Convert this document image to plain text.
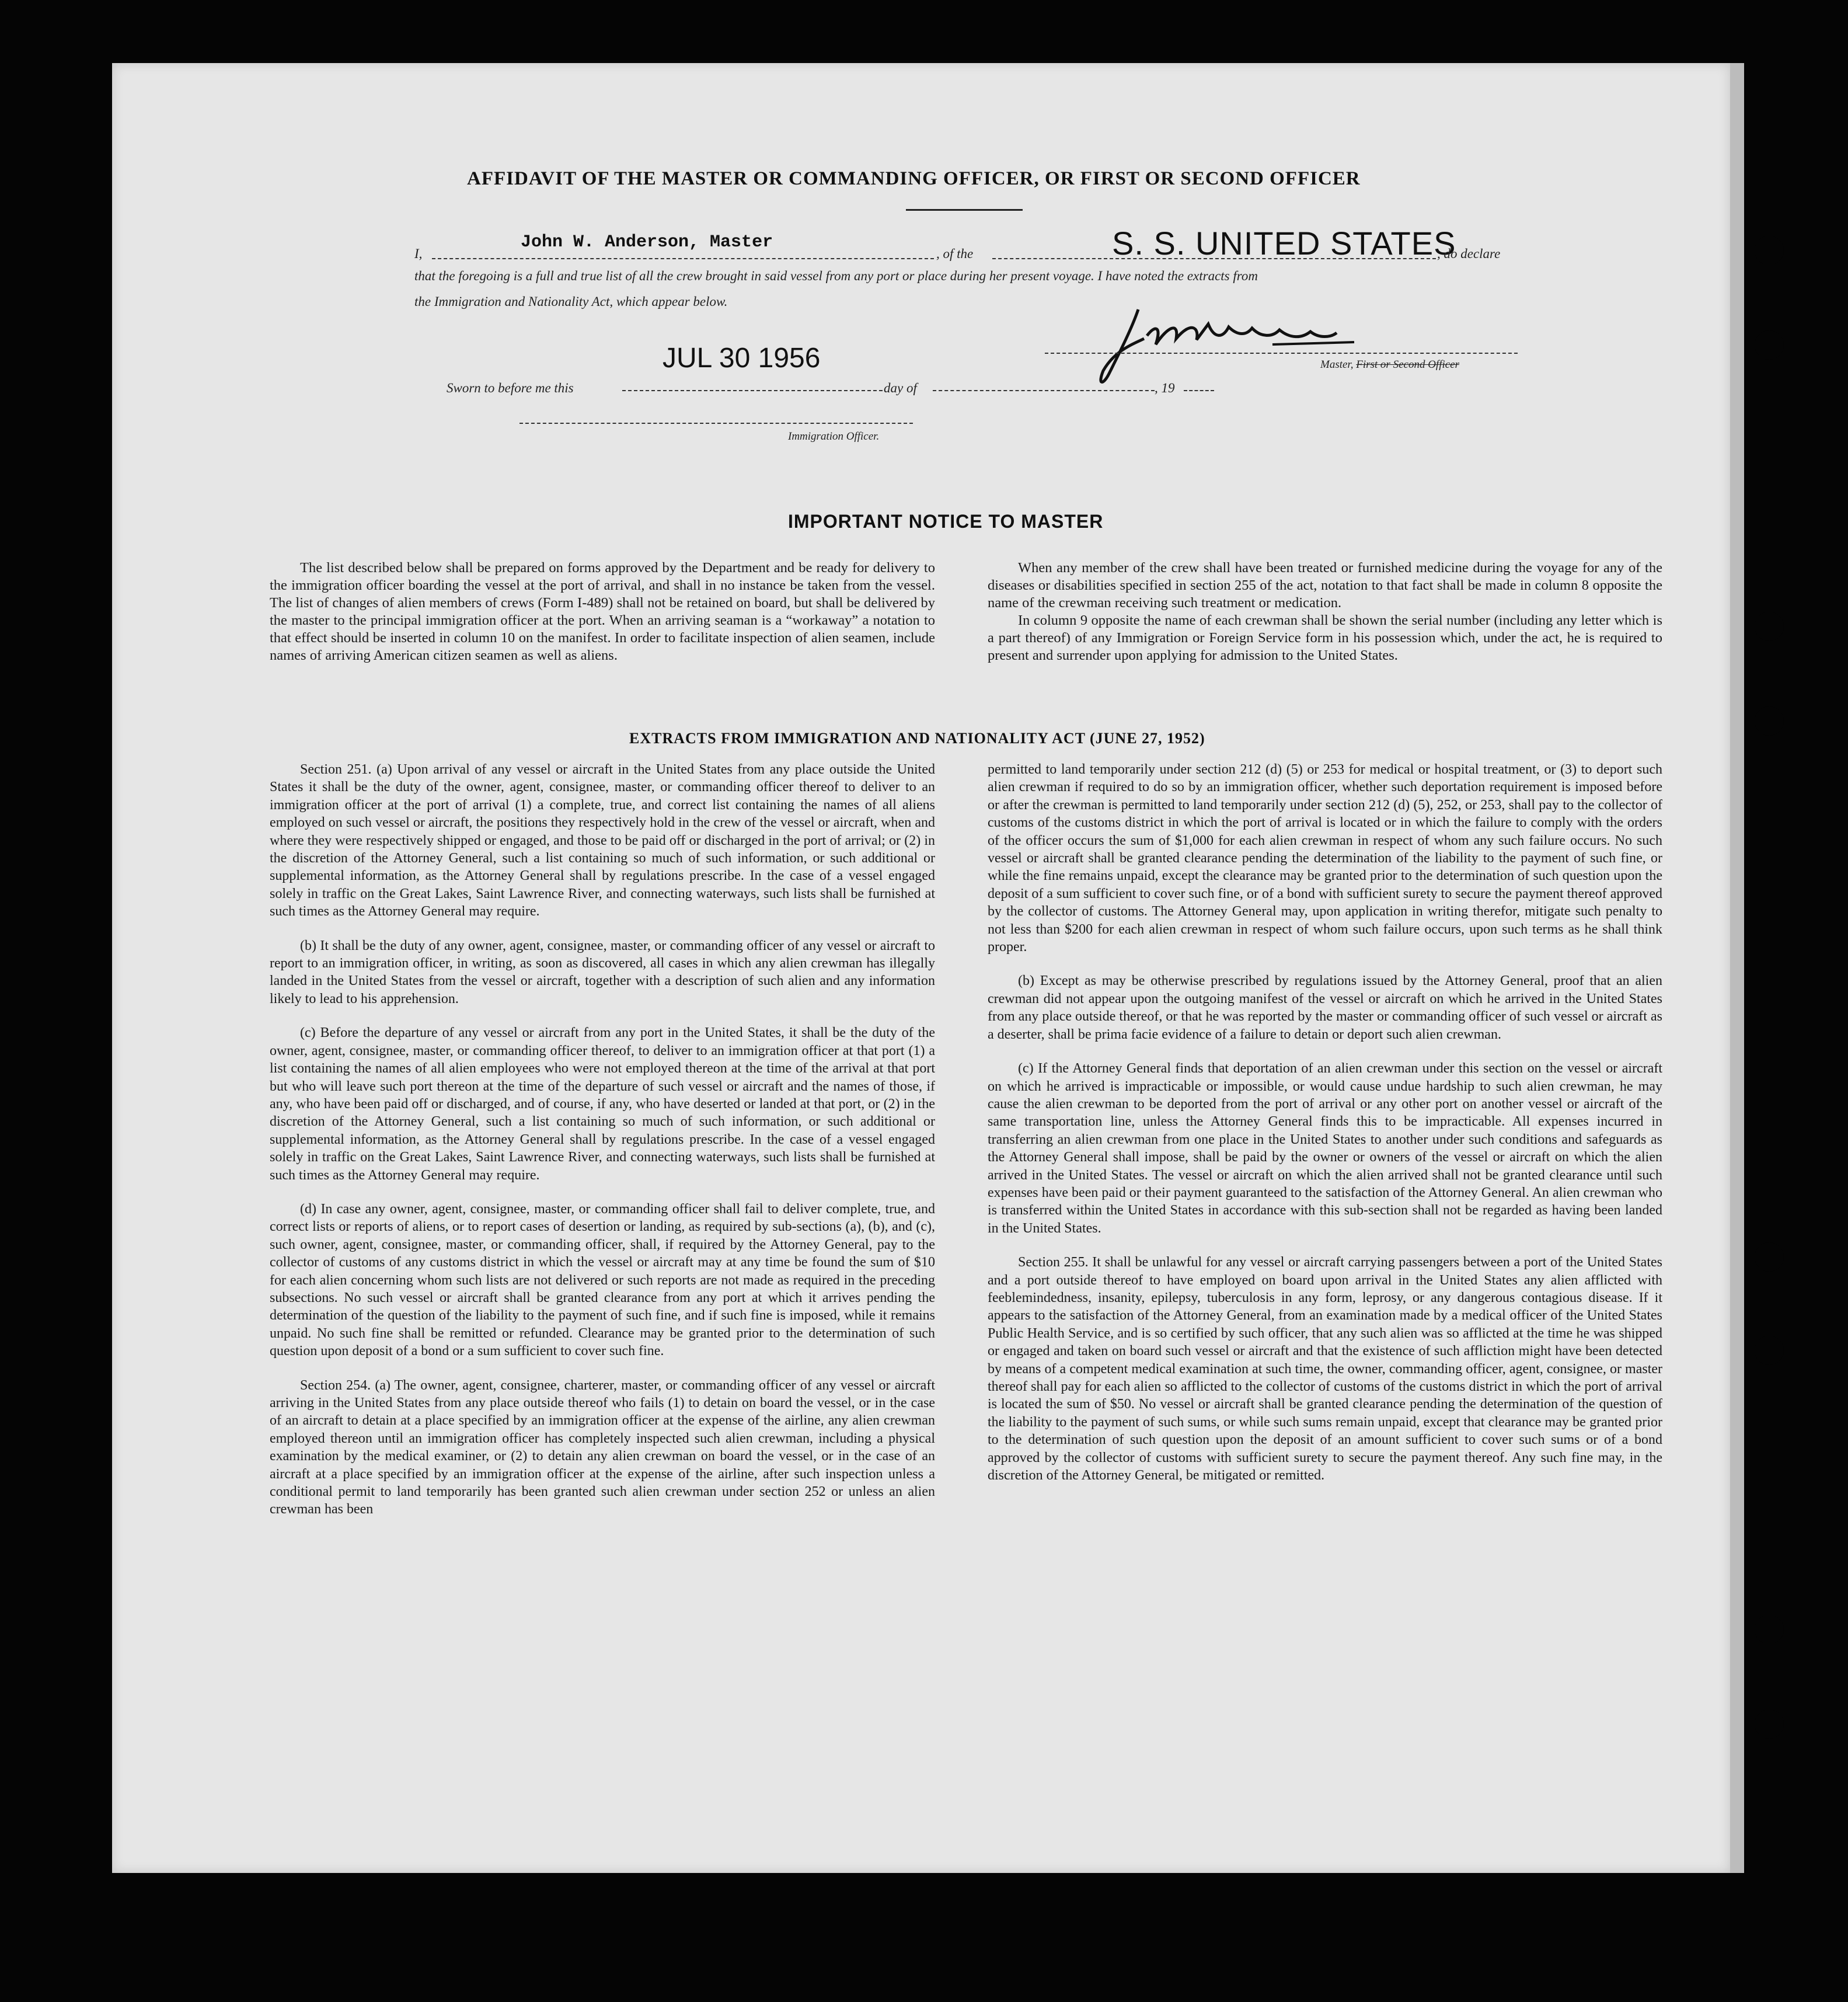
AFFIDAVIT OF THE MASTER OR COMMANDING OFFICER, OR FIRST OR SECOND OFFICER
I,
John W. Anderson, Master
, of the	S. S. UNITED STATES
, do declare
that the foregoing is a full and true list of all the crew brought in said vessel from any port or place during her present voyage. I have noted the extracts from
the Immigration and Nationality Act, which appear below.
Master, First or Second Officer
JUL 30 1956
Sworn to before me this	day of	, 19
Immigration Officer.
IMPORTANT NOTICE TO MASTER

The list described below shall be prepared on forms approved by the Department and be ready for delivery to the immigration officer boarding the vessel at the port of arrival, and shall in no instance be taken from the vessel. The list of changes of alien members of crews (Form I-489) shall not be retained on board, but shall be delivered by the master to the principal immigration officer at the port. When an arriving seaman is a “workaway” a notation to that effect should be inserted in column 10 on the manifest. In order to facilitate inspection of alien seamen, include names of arriving American citizen seamen as well as aliens.

When any member of the crew shall have been treated or furnished medicine during the voyage for any of the diseases or disabilities specified in section 255 of the act, notation to that fact shall be made in column 8 opposite the name of the crewman receiving such treatment or medication.

In column 9 opposite the name of each crewman shall be shown the serial number (including any letter which is a part thereof) of any Immigration or Foreign Service form in his possession which, under the act, he is required to present and surrender upon applying for admission to the United States.

EXTRACTS FROM IMMIGRATION AND NATIONALITY ACT (JUNE 27, 1952)

Section 251. (a) Upon arrival of any vessel or aircraft in the United States from any place outside the United States it shall be the duty of the owner, agent, consignee, master, or commanding officer thereof to deliver to an immigration officer at the port of arrival (1) a complete, true, and correct list containing the names of all aliens employed on such vessel or aircraft, the positions they respectively hold in the crew of the vessel or aircraft, when and where they were respectively shipped or engaged, and those to be paid off or discharged in the port of arrival; or (2) in the discretion of the Attorney General, such a list containing so much of such information, or such additional or supplemental information, as the Attorney General shall by regulations prescribe. In the case of a vessel engaged solely in traffic on the Great Lakes, Saint Lawrence River, and connecting waterways, such lists shall be furnished at such times as the Attorney General may require.

(b) It shall be the duty of any owner, agent, consignee, master, or commanding officer of any vessel or aircraft to report to an immigration officer, in writing, as soon as discovered, all cases in which any alien crewman has illegally landed in the United States from the vessel or aircraft, together with a description of such alien and any information likely to lead to his apprehension.

(c) Before the departure of any vessel or aircraft from any port in the United States, it shall be the duty of the owner, agent, consignee, master, or commanding officer thereof, to deliver to an immigration officer at that port (1) a list containing the names of all alien employees who were not employed thereon at the time of the arrival at that port but who will leave such port thereon at the time of the departure of such vessel or aircraft and the names of those, if any, who have been paid off or discharged, and of course, if any, who have deserted or landed at that port, or (2) in the discretion of the Attorney General, such a list containing so much of such information, or such additional or supplemental information, as the Attorney General shall by regulations prescribe. In the case of a vessel engaged solely in traffic on the Great Lakes, Saint Lawrence River, and connecting waterways, such lists shall be furnished at such times as the Attorney General may require.

(d) In case any owner, agent, consignee, master, or commanding officer shall fail to deliver complete, true, and correct lists or reports of aliens, or to report cases of desertion or landing, as required by sub-sections (a), (b), and (c), such owner, agent, consignee, master, or commanding officer, shall, if required by the Attorney General, pay to the collector of customs of any customs district in which the vessel or aircraft may at any time be found the sum of $10 for each alien concerning whom such lists are not delivered or such reports are not made as required in the preceding subsections. No such vessel or aircraft shall be granted clearance from any port at which it arrives pending the determination of the question of the liability to the payment of such fine, and if such fine is imposed, while it remains unpaid. No such fine shall be remitted or refunded. Clearance may be granted prior to the determination of such question upon deposit of a bond or a sum sufficient to cover such fine.

Section 254. (a) The owner, agent, consignee, charterer, master, or commanding officer of any vessel or aircraft arriving in the United States from any place outside thereof who fails (1) to detain on board the vessel, or in the case of an aircraft to detain at a place specified by an immigration officer at the expense of the airline, any alien crewman employed thereon until an immigration officer has completely inspected such alien crewman, including a physical examination by the medical examiner, or (2) to detain any alien crewman on board the vessel, or in the case of an aircraft at a place specified by an immigration officer at the expense of the airline, after such inspection unless a conditional permit to land temporarily has been granted such alien crewman under section 252 or unless an alien crewman has been

permitted to land temporarily under section 212 (d) (5) or 253 for medical or hospital treatment, or (3) to deport such alien crewman if required to do so by an immigration officer, whether such deportation requirement is imposed before or after the crewman is permitted to land temporarily under section 212 (d) (5), 252, or 253, shall pay to the collector of customs of the customs district in which the port of arrival is located or in which the failure to comply with the orders of the officer occurs the sum of $1,000 for each alien crewman in respect of whom any such failure occurs. No such vessel or aircraft shall be granted clearance pending the determination of the liability to the payment of such fine, or while the fine remains unpaid, except the clearance may be granted prior to the determination of such question upon the deposit of a sum sufficient to cover such fine, or of a bond with sufficient surety to secure the payment thereof approved by the collector of customs. The Attorney General may, upon application in writing therefor, mitigate such penalty to not less than $200 for each alien crewman in respect of whom such failure occurs, upon such terms as he shall think proper.

(b) Except as may be otherwise prescribed by regulations issued by the Attorney General, proof that an alien crewman did not appear upon the outgoing manifest of the vessel or aircraft on which he arrived in the United States from any place outside thereof, or that he was reported by the master or commanding officer of such vessel or aircraft as a deserter, shall be prima facie evidence of a failure to detain or deport such alien crewman.

(c) If the Attorney General finds that deportation of an alien crewman under this section on the vessel or aircraft on which he arrived is impracticable or impossible, or would cause undue hardship to such alien crewman, he may cause the alien crewman to be deported from the port of arrival or any other port on another vessel or aircraft of the same transportation line, unless the Attorney General finds this to be impracticable. All expenses incurred in transferring an alien crewman from one place in the United States to another under such conditions and safeguards as the Attorney General shall impose, shall be paid by the owner or owners of the vessel or aircraft on which the alien arrived in the United States. The vessel or aircraft on which the alien arrived shall not be granted clearance until such expenses have been paid or their payment guaranteed to the satisfaction of the Attorney General. An alien crewman who is transferred within the United States in accordance with this sub-section shall not be regarded as having been landed in the United States.

Section 255. It shall be unlawful for any vessel or aircraft carrying passengers between a port of the United States and a port outside thereof to have employed on board upon arrival in the United States any alien afflicted with feeblemindedness, insanity, epilepsy, tuberculosis in any form, leprosy, or any dangerous contagious disease. If it appears to the satisfaction of the Attorney General, from an examination made by a medical officer of the United States Public Health Service, and is so certified by such officer, that any such alien was so afflicted at the time he was shipped or engaged and taken on board such vessel or aircraft and that the existence of such affliction might have been detected by means of a competent medical examination at such time, the owner, commanding officer, agent, consignee, or master thereof shall pay for each alien so afflicted to the collector of customs of the customs district in which the port of arrival is located the sum of $50. No vessel or aircraft shall be granted clearance pending the determination of the question of the liability to the payment of such sums, or while such sums remain unpaid, except that clearance may be granted prior to the determination of such question upon the deposit of an amount sufficient to cover such sums or of a bond approved by the collector of customs with sufficient surety to secure the payment thereof. Any such fine may, in the discretion of the Attorney General, be mitigated or remitted.
